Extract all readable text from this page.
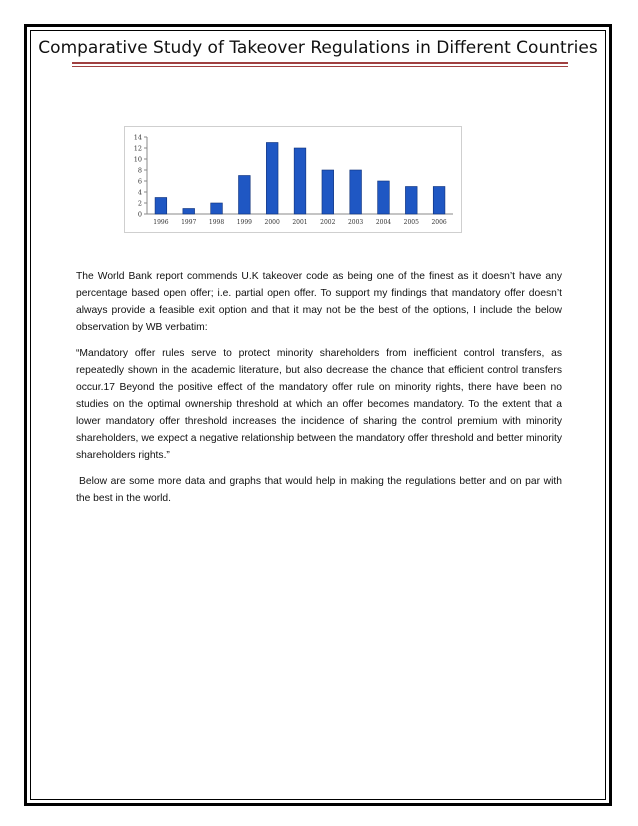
Comparative Study of Takeover Regulations in Different Countries
0
2
4
6
8
10
12
14
1996 1997 1998 1999 2000 2001 2002 2003 2004 2005 2006

The World Bank report commends U.K takeover code as being one of the finest as it doesn’t have any percentage based open offer; i.e. partial open offer. To support my findings that mandatory offer doesn’t always provide a feasible exit option and that it may not be the best of the options, I include the below observation by WB verbatim:

“Mandatory offer rules serve to protect minority shareholders from inefficient control transfers, as repeatedly shown in the academic literature, but also decrease the chance that efficient control transfers occur.17 Beyond the positive effect of the mandatory offer rule on minority rights, there have been no studies on the optimal ownership threshold at which an offer becomes mandatory. To the extent that a lower mandatory offer threshold increases the incidence of sharing the control premium with minority shareholders, we expect a negative relationship between the mandatory offer threshold and better minority shareholders rights.”

Below are some more data and graphs that would help in making the regulations better and on par with the best in the world.
